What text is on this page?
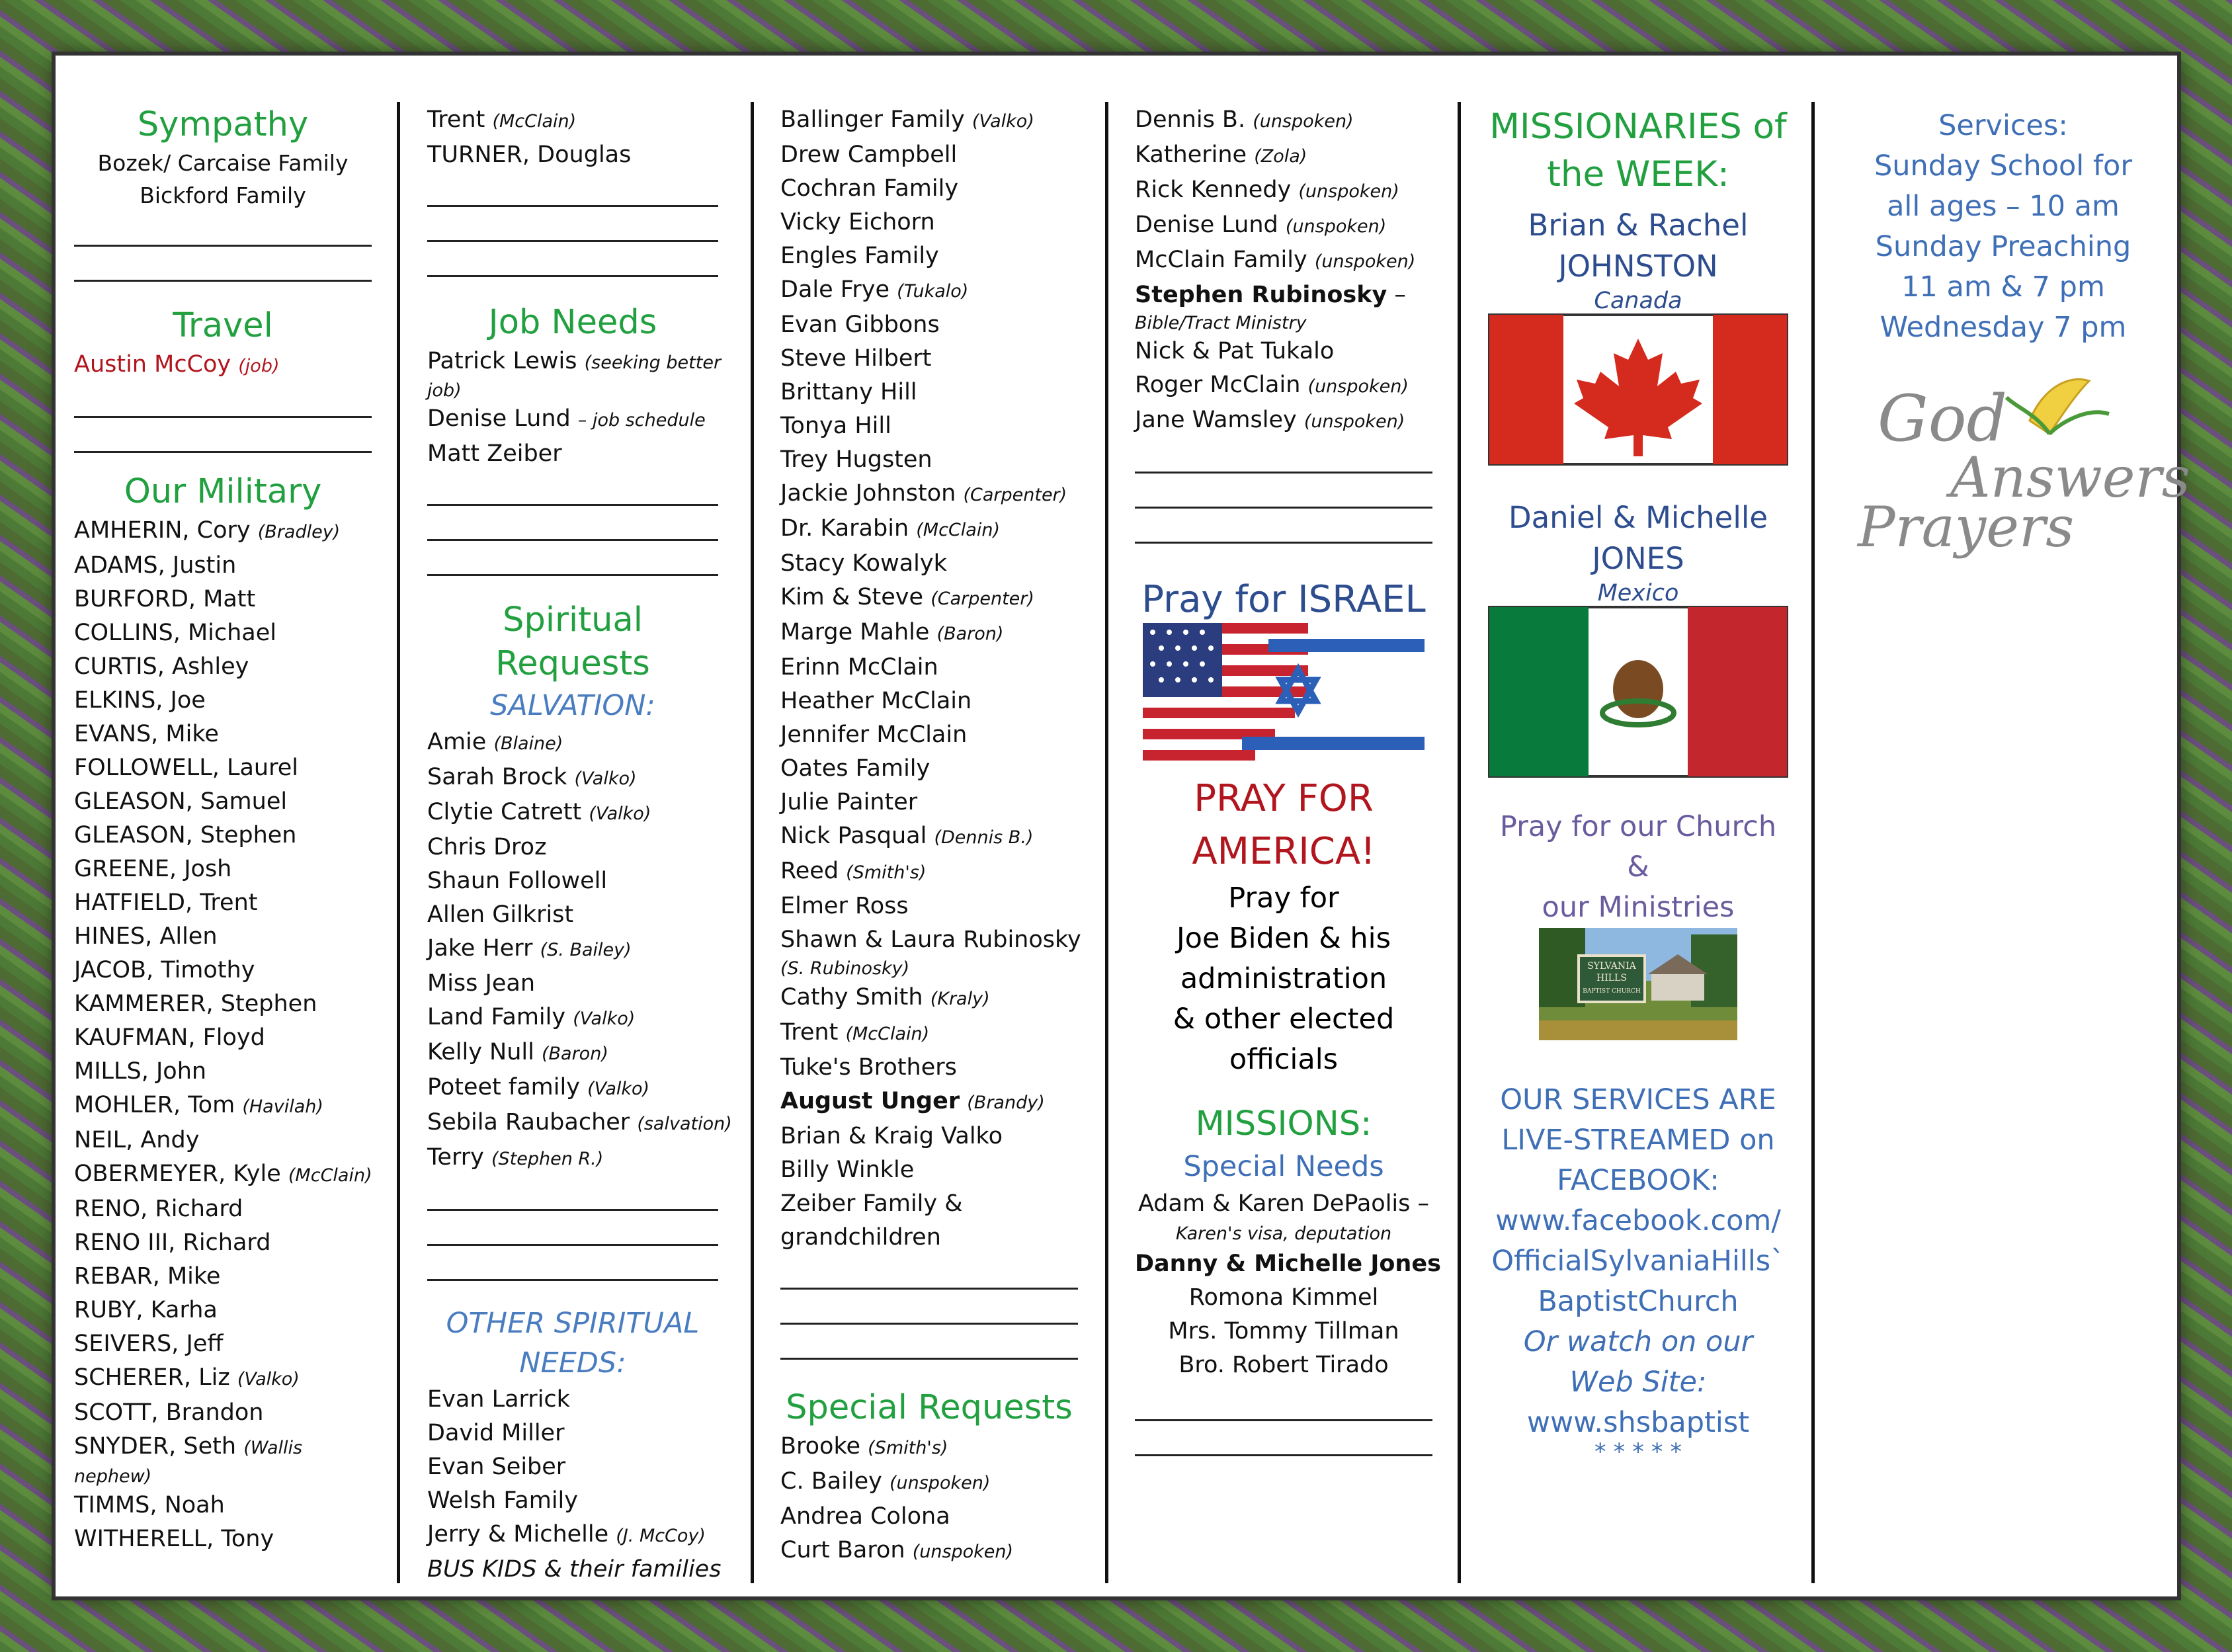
Sympathy
Bozek/ Carcaise Family
Bickford Family
Travel
Austin McCoy (job)
Our Military
AMHERIN, Cory (Bradley)
ADAMS, Justin
BURFORD, Matt
COLLINS, Michael
CURTIS, Ashley
ELKINS, Joe
EVANS, Mike
FOLLOWELL, Laurel
GLEASON, Samuel
GLEASON, Stephen
GREENE, Josh
HATFIELD, Trent
HINES, Allen
JACOB, Timothy
KAMMERER, Stephen
KAUFMAN, Floyd
MILLS, John
MOHLER, Tom (Havilah)
NEIL, Andy
OBERMEYER, Kyle (McClain)
RENO, Richard
RENO III, Richard
REBAR, Mike
RUBY, Karha
SEIVERS, Jeff
SCHERER, Liz (Valko)
SCOTT, Brandon
SNYDER, Seth (Wallis
nephew)
TIMMS, Noah
WITHERELL, Tony
Trent (McClain)
TURNER, Douglas
Job Needs
Patrick Lewis (seeking better
job)
Denise Lund – job schedule
Matt Zeiber
Spiritual Requests
SALVATION:
Amie (Blaine)
Sarah Brock (Valko)
Clytie Catrett (Valko)
Chris Droz
Shaun Followell
Allen Gilkrist
Jake Herr (S. Bailey)
Miss Jean
Land Family (Valko)
Kelly Null (Baron)
Poteet family (Valko)
Sebila Raubacher (salvation)
Terry (Stephen R.)
OTHER SPIRITUAL
NEEDS:
Evan Larrick
David Miller
Evan Seiber
Welsh Family
Jerry & Michelle (J. McCoy)
BUS KIDS & their families
Ballinger Family (Valko)
Drew Campbell
Cochran Family
Vicky Eichorn
Engles Family
Dale Frye (Tukalo)
Evan Gibbons
Steve Hilbert
Brittany Hill
Tonya Hill
Trey Hugsten
Jackie Johnston (Carpenter)
Dr. Karabin (McClain)
Stacy Kowalyk
Kim & Steve (Carpenter)
Marge Mahle (Baron)
Erinn McClain
Heather McClain
Jennifer McClain
Oates Family
Julie Painter
Nick Pasqual (Dennis B.)
Reed (Smith's)
Elmer Ross
Shawn & Laura Rubinosky
(S. Rubinosky)
Cathy Smith (Kraly)
Trent (McClain)
Tuke's Brothers
August Unger (Brandy)
Brian & Kraig Valko
Billy Winkle
Zeiber Family &
grandchildren
Special Requests
Brooke (Smith's)
C. Bailey (unspoken)
Andrea Colona
Curt Baron (unspoken)
Dennis B. (unspoken)
Katherine (Zola)
Rick Kennedy (unspoken)
Denise Lund (unspoken)
McClain Family (unspoken)
Stephen Rubinosky –
Bible/Tract Ministry
Nick & Pat Tukalo
Roger McClain (unspoken)
Jane Wamsley (unspoken)
Pray for ISRAEL
PRAY FOR
AMERICA!
Pray for
Joe Biden & his
administration
& other elected
officials
MISSIONS:
Special Needs
Adam & Karen DePaolis –
Karen's visa, deputation
Danny & Michelle Jones
Romona Kimmel
Mrs. Tommy Tillman
Bro. Robert Tirado
MISSIONARIES of
the WEEK:
Brian & Rachel
JOHNSTON
Canada
Daniel & Michelle
JONES
Mexico
Pray for our Church &
our Ministries
SYLVANIA
HILLS
BAPTIST CHURCH
OUR SERVICES ARE
LIVE-STREAMED on
FACEBOOK:
www.facebook.com/
OfficialSylvaniaHills`
BaptistChurch
Or watch on our
Web Site:
www.shsbaptist
* * * * *
Services:
Sunday School for
all ages – 10 am
Sunday Preaching
11 am & 7 pm
Wednesday 7 pm
God
Answers
Prayers
